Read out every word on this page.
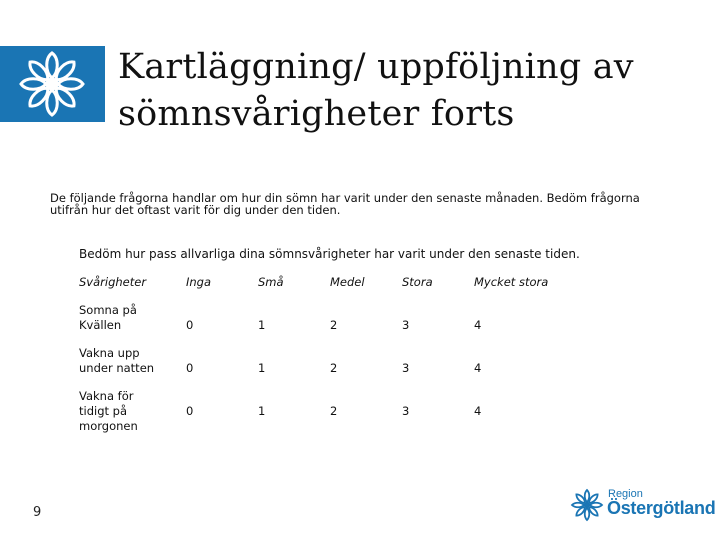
Kartläggning/ uppföljning av
sömnsvårigheter forts
De följande frågorna handlar om hur din sömn har varit under den senaste månaden. Bedöm frågorna
utifrån hur det oftast varit för dig under den tiden.
Bedöm hur pass allvarliga dina sömnsvårigheter har varit under den senaste tiden.
Svårigheter	Inga	Små	Medel	Stora	Mycket stora
Somna på
Kvällen	0	1	2	3	4
Vakna upp
under natten	0	1	2	3	4
Vakna för
tidigt på
morgonen
0	1	2	3	4
9
Region
Östergötland
